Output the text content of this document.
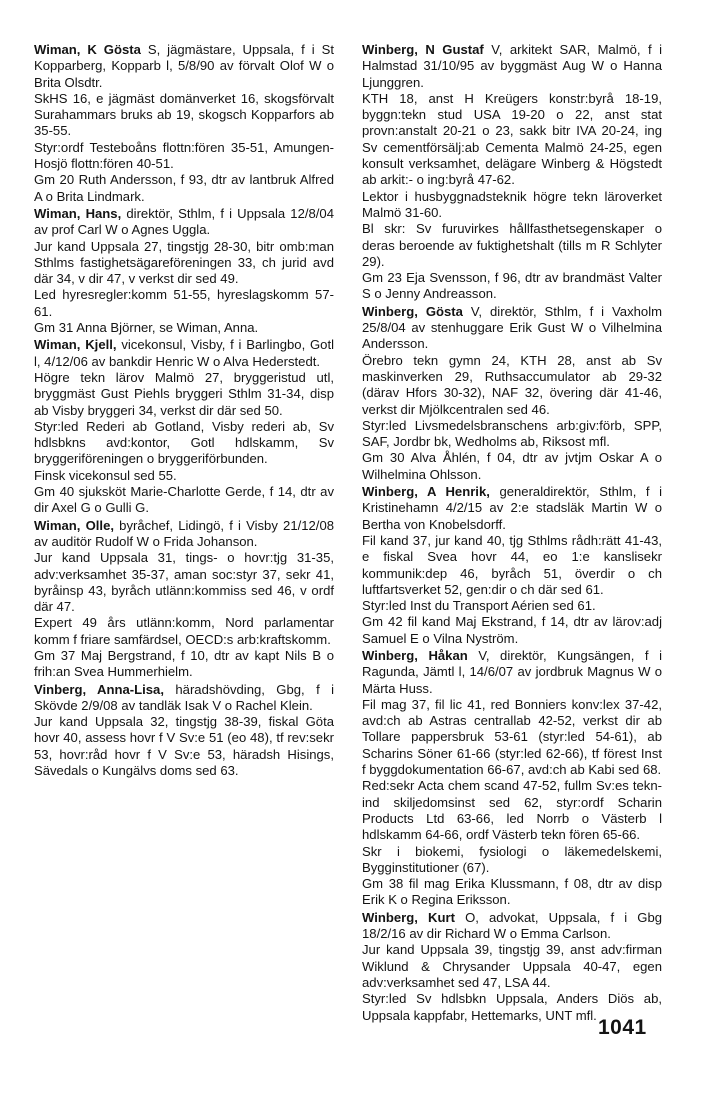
Wiman, K Gösta S, jägmästare, Uppsala, f i St Kopparberg, Kopparb l, 5/8/90 av förvalt Olof W o Brita Olsdtr.

SkHS 16, e jägmäst domänverket 16, skogsförvalt Surahammars bruks ab 19, skogsch Kopparfors ab 35-55.

Styr:ordf Testeboåns flottn:fören 35-51, Amungen-Hosjö flottn:fören 40-51.

Gm 20 Ruth Andersson, f 93, dtr av lantbruk Alfred A o Brita Lindmark.

Wiman, Hans, direktör, Sthlm, f i Uppsala 12/8/04 av prof Carl W o Agnes Uggla.

Jur kand Uppsala 27, tingstjg 28-30, bitr omb:man Sthlms fastighetsägareföreningen 33, ch jurid avd där 34, v dir 47, v verkst dir sed 49.

Led hyresregler:komm 51-55, hyreslagskomm 57-61.

Gm 31 Anna Björner, se Wiman, Anna.

Wiman, Kjell, vicekonsul, Visby, f i Barlingbo, Gotl l, 4/12/06 av bankdir Henric W o Alva Hederstedt.

Högre tekn lärov Malmö 27, bryggeristud utl, bryggmäst Gust Piehls bryggeri Sthlm 31-34, disp ab Visby bryggeri 34, verkst dir där sed 50.

Styr:led Rederi ab Gotland, Visby rederi ab, Sv hdlsbkns avd:kontor, Gotl hdlskamm, Sv bryggeriföreningen o bryggeriförbunden.

Finsk vicekonsul sed 55.

Gm 40 sjuksköt Marie-Charlotte Gerde, f 14, dtr av dir Axel G o Gulli G.

Wiman, Olle, byråchef, Lidingö, f i Visby 21/12/08 av auditör Rudolf W o Frida Johanson.

Jur kand Uppsala 31, tings- o hovr:tjg 31-35, adv:verksamhet 35-37, aman soc:styr 37, sekr 41, byråinsp 43, byråch utlänn:kommiss sed 46, v ordf där 47.

Expert 49 års utlänn:komm, Nord parlamentar komm f friare samfärdsel, OECD:s arb:kraftskomm.

Gm 37 Maj Bergstrand, f 10, dtr av kapt Nils B o frih:an Svea Hummerhielm.

Vinberg, Anna-Lisa, häradshövding, Gbg, f i Skövde 2/9/08 av tandläk Isak V o Rachel Klein.

Jur kand Uppsala 32, tingstjg 38-39, fiskal Göta hovr 40, assess hovr f V Sv:e 51 (eo 48), tf rev:sekr 53, hovr:råd hovr f V Sv:e 53, häradsh Hisings, Sävedals o Kungälvs doms sed 63.

Winberg, N Gustaf V, arkitekt SAR, Malmö, f i Halmstad 31/10/95 av byggmäst Aug W o Hanna Ljunggren.

KTH 18, anst H Kreügers konstr:byrå 18-19, byggn:tekn stud USA 19-20 o 22, anst stat provn:anstalt 20-21 o 23, sakk bitr IVA 20-24, ing Sv cementförsälj:ab Cementa Malmö 24-25, egen konsult verksamhet, delägare Winberg & Högstedt ab arkit:- o ing:byrå 47-62.

Lektor i husbyggnadsteknik högre tekn läroverket Malmö 31-60.

Bl skr: Sv furuvirkes hållfasthetsegenskaper o deras beroende av fuktighetshalt (tills m R Schlyter 29).

Gm 23 Eja Svensson, f 96, dtr av brandmäst Valter S o Jenny Andreasson.

Winberg, Gösta V, direktör, Sthlm, f i Vaxholm 25/8/04 av stenhuggare Erik Gust W o Vilhelmina Andersson.

Örebro tekn gymn 24, KTH 28, anst ab Sv maskinverken 29, Ruthsaccumulator ab 29-32 (därav Hfors 30-32), NAF 32, övering där 41-46, verkst dir Mjölkcentralen sed 46.

Styr:led Livsmedelsbranschens arb:giv:förb, SPP, SAF, Jordbr bk, Wedholms ab, Riksost mfl.

Gm 30 Alva Åhlén, f 04, dtr av jvtjm Oskar A o Wilhelmina Ohlsson.

Winberg, A Henrik, generaldirektör, Sthlm, f i Kristinehamn 4/2/15 av 2:e stadsläk Martin W o Bertha von Knobelsdorff.

Fil kand 37, jur kand 40, tjg Sthlms rådh:rätt 41-43, e fiskal Svea hovr 44, eo 1:e kanslisekr kommunik:dep 46, byråch 51, överdir o ch luftfartsverket 52, gen:dir o ch där sed 61.

Styr:led Inst du Transport Aérien sed 61.

Gm 42 fil kand Maj Ekstrand, f 14, dtr av lärov:adj Samuel E o Vilna Nyström.

Winberg, Håkan V, direktör, Kungsängen, f i Ragunda, Jämtl l, 14/6/07 av jordbruk Magnus W o Märta Huss.

Fil mag 37, fil lic 41, red Bonniers konv:lex 37-42, avd:ch ab Astras centrallab 42-52, verkst dir ab Tollare pappersbruk 53-61 (styr:led 54-61), ab Scharins Söner 61-66 (styr:led 62-66), tf förest Inst f byggdokumentation 66-67, avd:ch ab Kabi sed 68.

Red:sekr Acta chem scand 47-52, fullm Sv:es tekn-ind skiljedomsinst sed 62, styr:ordf Scharin Products Ltd 63-66, led Norrb o Västerb l hdlskamm 64-66, ordf Västerb tekn fören 65-66.

Skr i biokemi, fysiologi o läkemedelskemi, Bygginstitutioner (67).

Gm 38 fil mag Erika Klussmann, f 08, dtr av disp Erik K o Regina Eriksson.

Winberg, Kurt O, advokat, Uppsala, f i Gbg 18/2/16 av dir Richard W o Emma Carlson.

Jur kand Uppsala 39, tingstjg 39, anst adv:firman Wiklund & Chrysander Uppsala 40-47, egen adv:verksamhet sed 47, LSA 44.

Styr:led Sv hdlsbkn Uppsala, Anders Diös ab, Uppsala kappfabr, Hettemarks, UNT mfl.

1041
